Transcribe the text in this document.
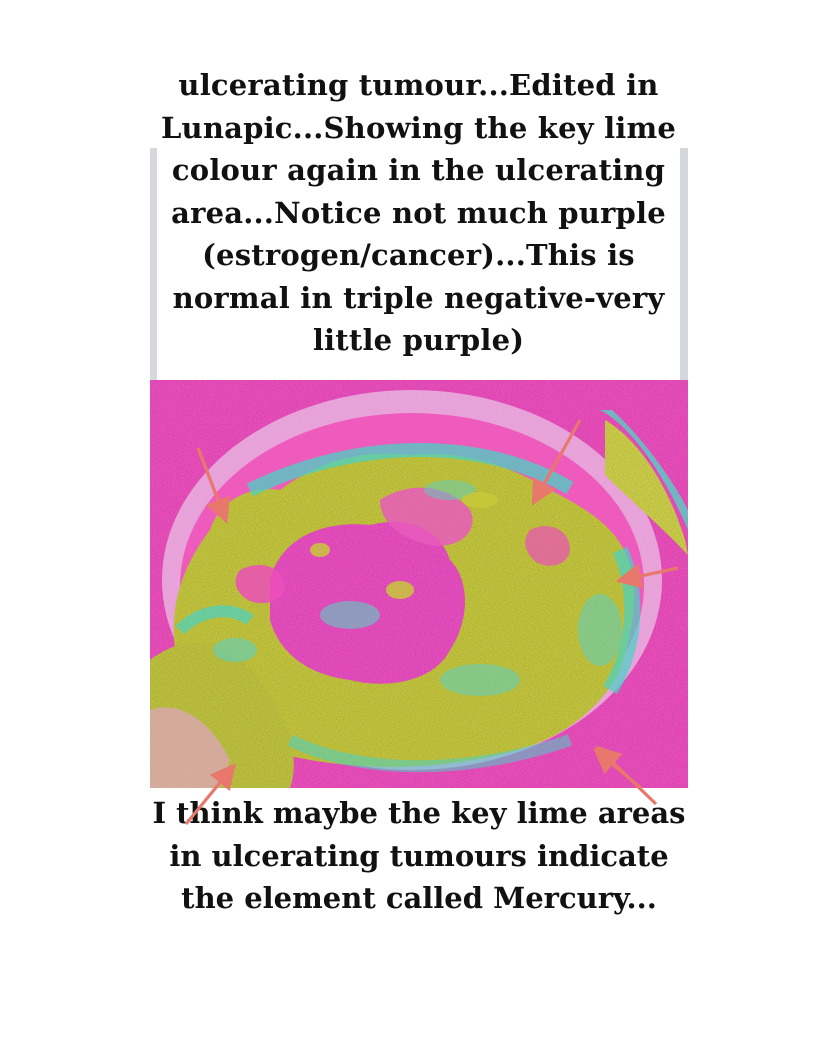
ulcerating tumour...Edited in Lunapic...Showing the key lime colour again in the ulcerating area...Notice not much purple (estrogen/cancer)...This is normal in triple negative-very little purple)
I think maybe the key lime areas in ulcerating tumours indicate the element called Mercury...
